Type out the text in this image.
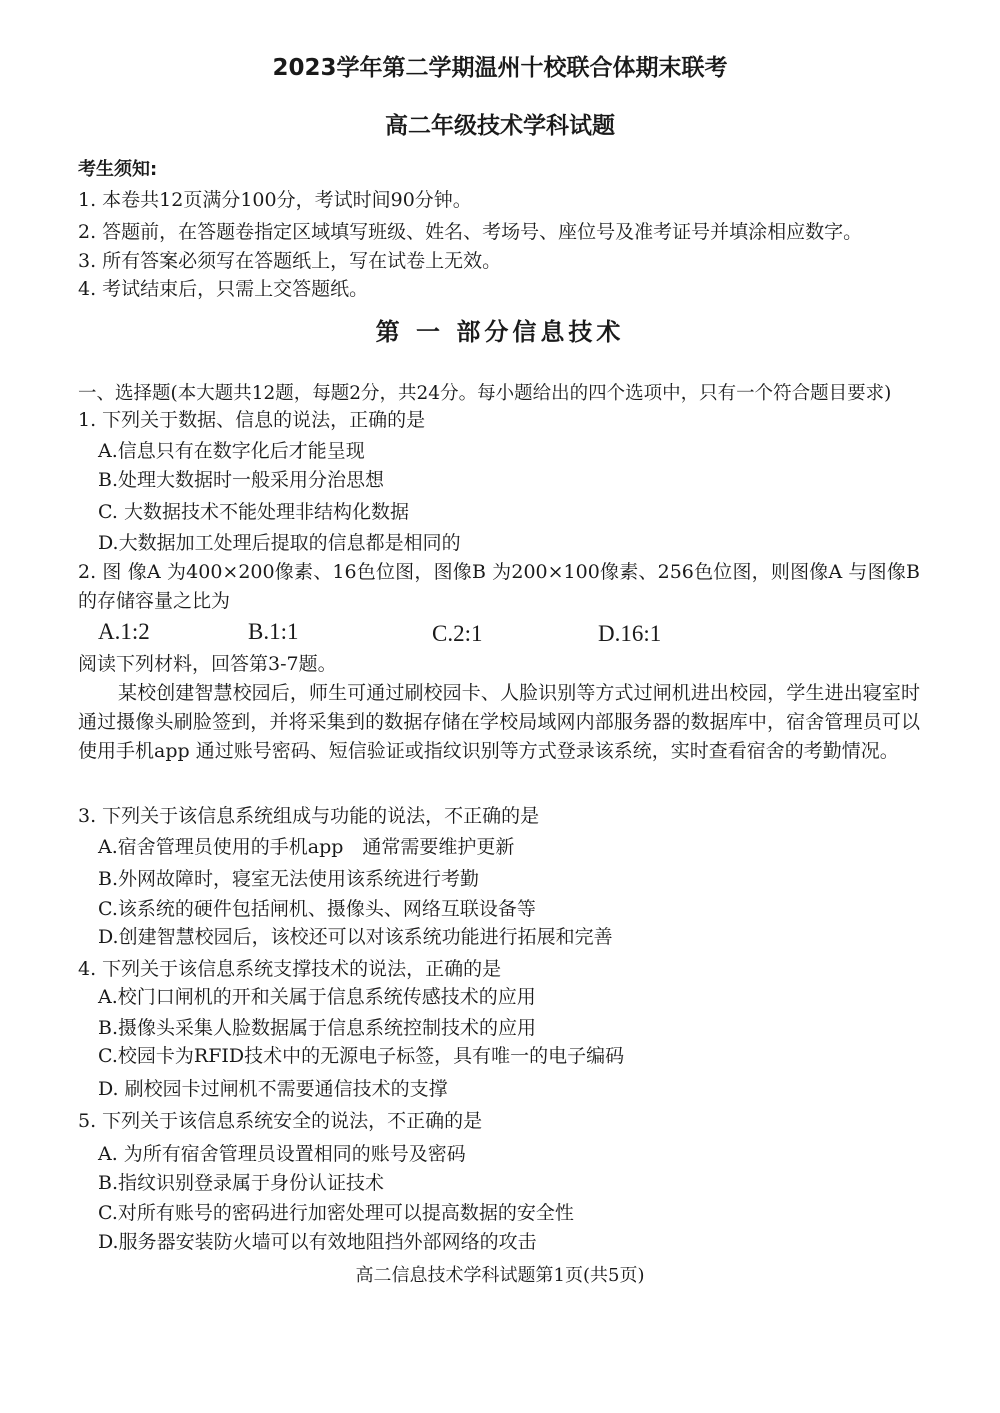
2023学年第二学期温州十校联合体期末联考
高二年级技术学科试题
考生须知:
1. 本卷共12页满分100分，考试时间90分钟。
2. 答题前，在答题卷指定区域填写班级、姓名、考场号、座位号及准考证号并填涂相应数字。
3. 所有答案必须写在答题纸上，写在试卷上无效。
4. 考试结束后，只需上交答题纸。
第 一 部分信息技术
一、选择题(本大题共12题，每题2分，共24分。每小题给出的四个选项中，只有一个符合题目要求)
1. 下列关于数据、信息的说法，正确的是
A.信息只有在数字化后才能呈现
B.处理大数据时一般采用分治思想
C. 大数据技术不能处理非结构化数据
D.大数据加工处理后提取的信息都是相同的
2. 图 像A 为400×200像素、16色位图，图像B 为200×100像素、256色位图，则图像A 与图像B的存储容量之比为
A.1:2	B.1:1	C.2:1	D.16:1
阅读下列材料，回答第3-7题。
某校创建智慧校园后，师生可通过刷校园卡、人脸识别等方式过闸机进出校园，学生进出寝室时通过摄像头刷脸签到，并将采集到的数据存储在学校局域网内部服务器的数据库中，宿舍管理员可以使用手机app 通过账号密码、短信验证或指纹识别等方式登录该系统，实时查看宿舍的考勤情况。
3. 下列关于该信息系统组成与功能的说法，不正确的是
A.宿舍管理员使用的手机app　通常需要维护更新
B.外网故障时，寝室无法使用该系统进行考勤
C.该系统的硬件包括闸机、摄像头、网络互联设备等
D.创建智慧校园后，该校还可以对该系统功能进行拓展和完善
4. 下列关于该信息系统支撑技术的说法，正确的是
A.校门口闸机的开和关属于信息系统传感技术的应用
B.摄像头采集人脸数据属于信息系统控制技术的应用
C.校园卡为RFID技术中的无源电子标签，具有唯一的电子编码
D. 刷校园卡过闸机不需要通信技术的支撑
5. 下列关于该信息系统安全的说法，不正确的是
A. 为所有宿舍管理员设置相同的账号及密码
B.指纹识别登录属于身份认证技术
C.对所有账号的密码进行加密处理可以提高数据的安全性
D.服务器安装防火墙可以有效地阻挡外部网络的攻击
高二信息技术学科试题第1页(共5页)
